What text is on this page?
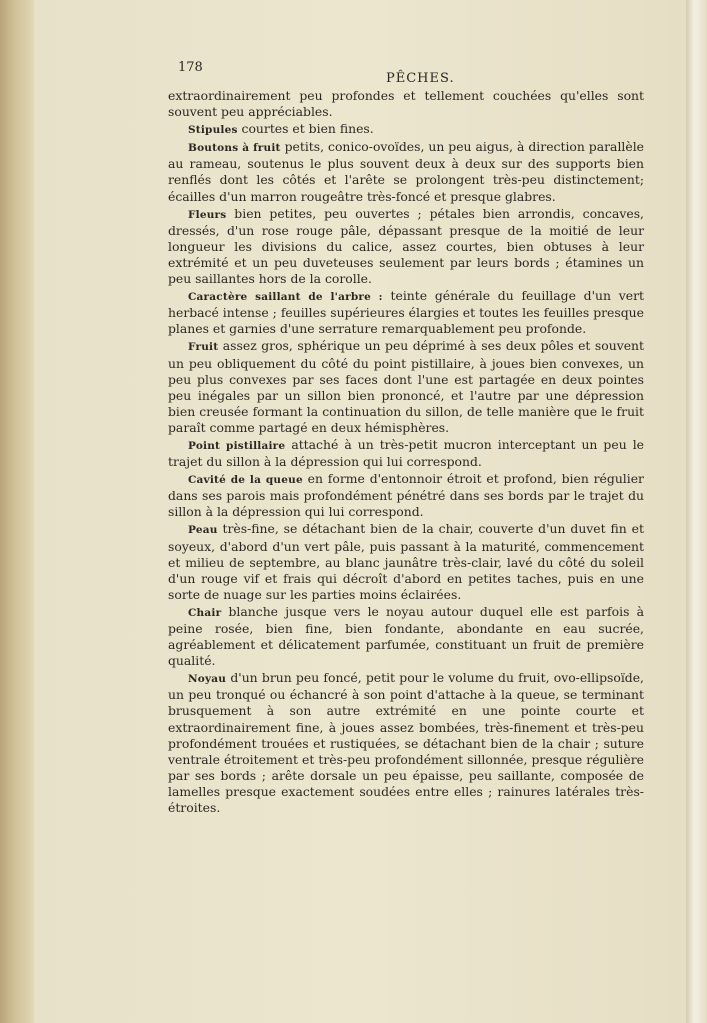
178
PÊCHES.

extraordinairement peu profondes et tellement couchées qu'elles sont souvent peu appréciables.

Stipules courtes et bien fines.

Boutons à fruit petits, conico-ovoïdes, un peu aigus, à direction parallèle au rameau, soutenus le plus souvent deux à deux sur des supports bien renflés dont les côtés et l'arête se prolongent très-peu distinctement; écailles d'un marron rougeâtre très-foncé et presque glabres.

Fleurs bien petites, peu ouvertes ; pétales bien arrondis, concaves, dressés, d'un rose rouge pâle, dépassant presque de la moitié de leur longueur les divisions du calice, assez courtes, bien obtuses à leur extrémité et un peu duveteuses seulement par leurs bords ; étamines un peu saillantes hors de la corolle.

Caractère saillant de l'arbre : teinte générale du feuillage d'un vert herbacé intense ; feuilles supérieures élargies et toutes les feuilles presque planes et garnies d'une serrature remarquablement peu profonde.

Fruit assez gros, sphérique un peu déprimé à ses deux pôles et souvent un peu obliquement du côté du point pistillaire, à joues bien convexes, un peu plus convexes par ses faces dont l'une est partagée en deux pointes peu inégales par un sillon bien prononcé, et l'autre par une dépression bien creusée formant la continuation du sillon, de telle manière que le fruit paraît comme partagé en deux hémisphères.

Point pistillaire attaché à un très-petit mucron interceptant un peu le trajet du sillon à la dépression qui lui correspond.

Cavité de la queue en forme d'entonnoir étroit et profond, bien régulier dans ses parois mais profondément pénétré dans ses bords par le trajet du sillon à la dépression qui lui correspond.

Peau très-fine, se détachant bien de la chair, couverte d'un duvet fin et soyeux, d'abord d'un vert pâle, puis passant à la maturité, commencement et milieu de septembre, au blanc jaunâtre très-clair, lavé du côté du soleil d'un rouge vif et frais qui décroît d'abord en petites taches, puis en une sorte de nuage sur les parties moins éclairées.

Chair blanche jusque vers le noyau autour duquel elle est parfois à peine rosée, bien fine, bien fondante, abondante en eau sucrée, agréablement et délicatement parfumée, constituant un fruit de première qualité.

Noyau d'un brun peu foncé, petit pour le volume du fruit, ovo-ellipsoïde, un peu tronqué ou échancré à son point d'attache à la queue, se terminant brusquement à son autre extrémité en une pointe courte et extraordinairement fine, à joues assez bombées, très-finement et très-peu profondément trouées et rustiquées, se détachant bien de la chair ; suture ventrale étroitement et très-peu profondément sillonnée, presque régulière par ses bords ; arête dorsale un peu épaisse, peu saillante, composée de lamelles presque exactement soudées entre elles ; rainures latérales très-étroites.
